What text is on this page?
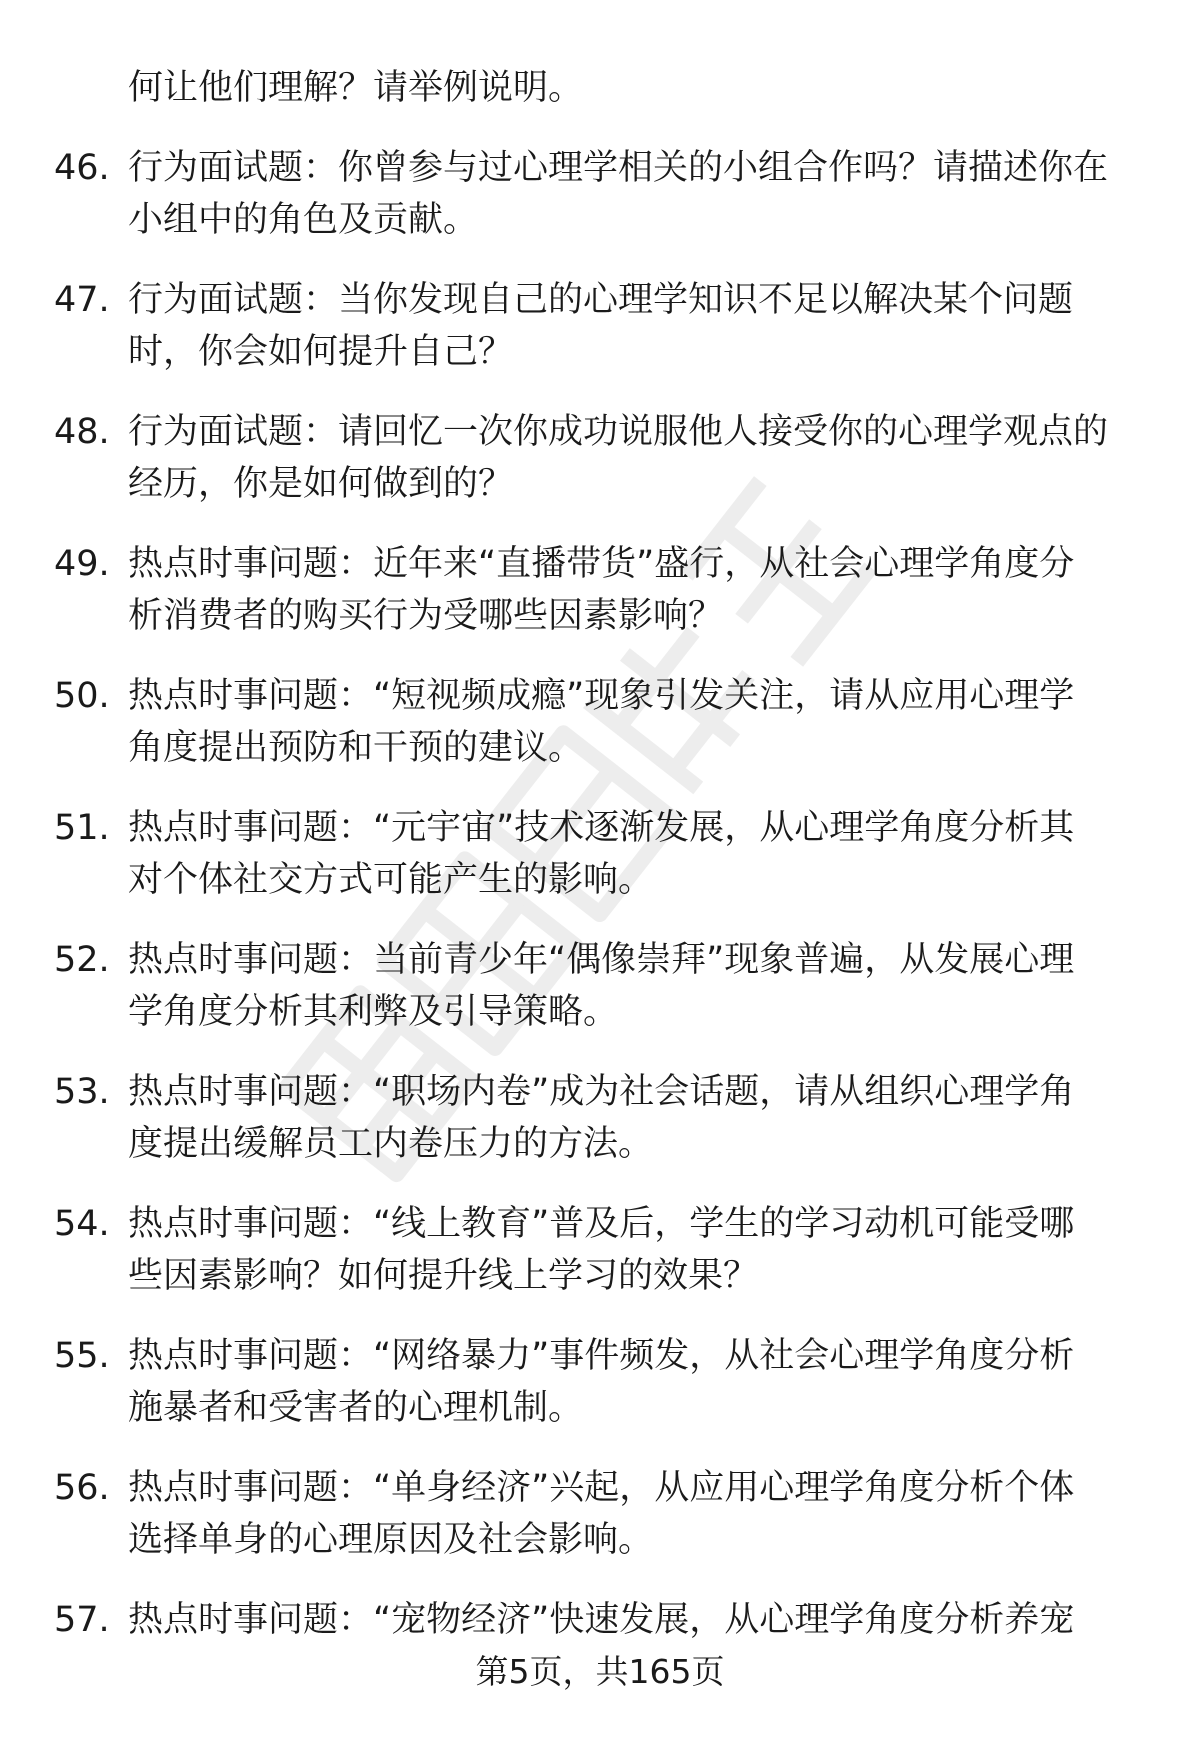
何让他们理解？请举例说明。
46. 行为面试题：你曾参与过心理学相关的小组合作吗？请描述你在
小组中的角色及贡献。
47. 行为面试题：当你发现自己的心理学知识不足以解决某个问题
时，你会如何提升自己？
48. 行为面试题：请回忆一次你成功说服他人接受你的心理学观点的
经历，你是如何做到的？
49. 热点时事问题：近年来“直播带货”盛行，从社会心理学角度分
析消费者的购买行为受哪些因素影响？
50. 热点时事问题：“短视频成瘾”现象引发关注，请从应用心理学
角度提出预防和干预的建议。
51. 热点时事问题：“元宇宙”技术逐渐发展，从心理学角度分析其
对个体社交方式可能产生的影响。
52. 热点时事问题：当前青少年“偶像崇拜”现象普遍，从发展心理
学角度分析其利弊及引导策略。
53. 热点时事问题：“职场内卷”成为社会话题，请从组织心理学角
度提出缓解员工内卷压力的方法。
54. 热点时事问题：“线上教育”普及后，学生的学习动机可能受哪
些因素影响？如何提升线上学习的效果？
55. 热点时事问题：“网络暴力”事件频发，从社会心理学角度分析
施暴者和受害者的心理机制。
56. 热点时事问题：“单身经济”兴起，从应用心理学角度分析个体
选择单身的心理原因及社会影响。
57. 热点时事问题：“宠物经济”快速发展，从心理学角度分析养宠
第5页，共165页
